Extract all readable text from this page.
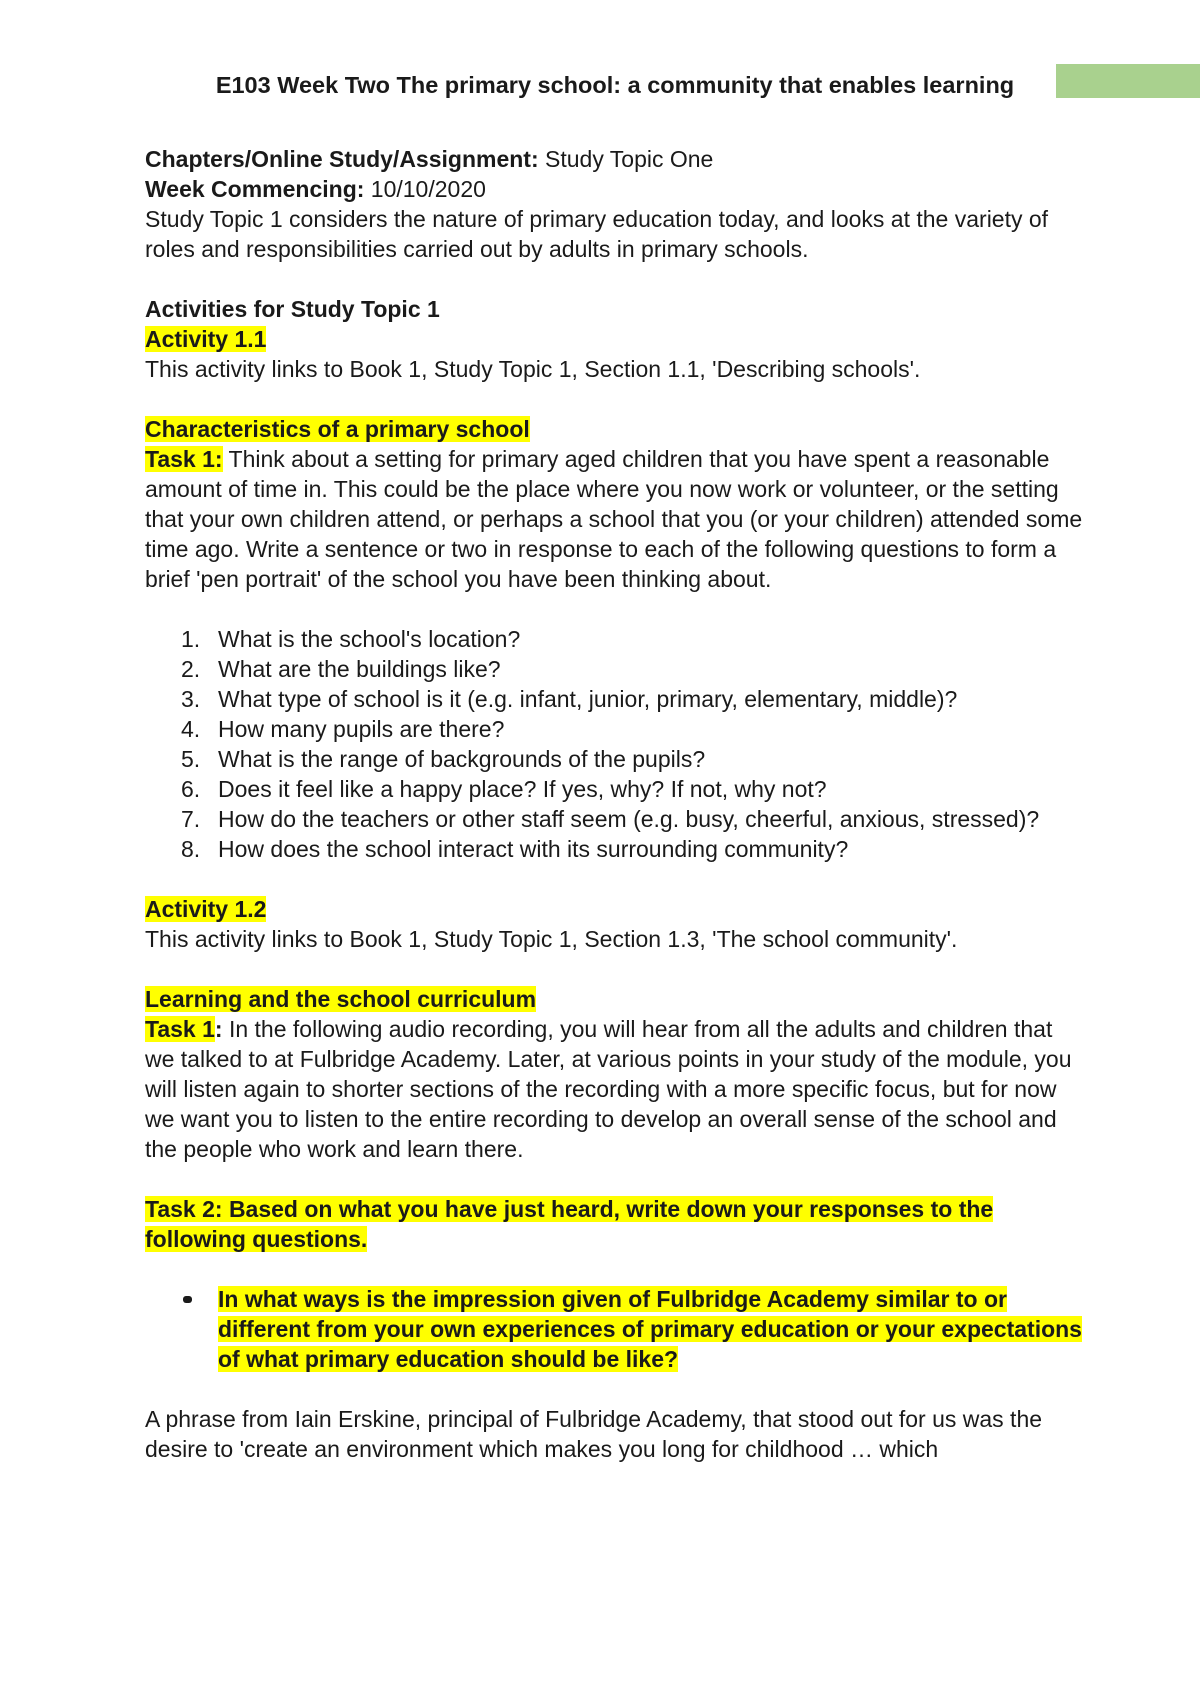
E103 Week Two The primary school: a community that enables learning

Chapters/Online Study/Assignment: Study Topic One

Week Commencing: 10/10/2020

Study Topic 1 considers the nature of primary education today, and looks at the variety of roles and responsibilities carried out by adults in primary schools.

Activities for Study Topic 1

Activity 1.1

This activity links to Book 1, Study Topic 1, Section 1.1, 'Describing schools'.

Characteristics of a primary school

Task 1: Think about a setting for primary aged children that you have spent a reasonable amount of time in. This could be the place where you now work or volunteer, or the setting that your own children attend, or perhaps a school that you (or your children) attended some time ago. Write a sentence or two in response to each of the following questions to form a brief 'pen portrait' of the school you have been thinking about.

1. What is the school's location?
2. What are the buildings like?
3. What type of school is it (e.g. infant, junior, primary, elementary, middle)?
4. How many pupils are there?
5. What is the range of backgrounds of the pupils?
6. Does it feel like a happy place? If yes, why? If not, why not?
7. How do the teachers or other staff seem (e.g. busy, cheerful, anxious, stressed)?
8. How does the school interact with its surrounding community?

Activity 1.2

This activity links to Book 1, Study Topic 1, Section 1.3, 'The school community'.

Learning and the school curriculum

Task 1: In the following audio recording, you will hear from all the adults and children that we talked to at Fulbridge Academy. Later, at various points in your study of the module, you will listen again to shorter sections of the recording with a more specific focus, but for now we want you to listen to the entire recording to develop an overall sense of the school and the people who work and learn there.

Task 2: Based on what you have just heard, write down your responses to the following questions.

In what ways is the impression given of Fulbridge Academy similar to or different from your own experiences of primary education or your expectations of what primary education should be like?

A phrase from Iain Erskine, principal of Fulbridge Academy, that stood out for us was the desire to 'create an environment which makes you long for childhood … which
